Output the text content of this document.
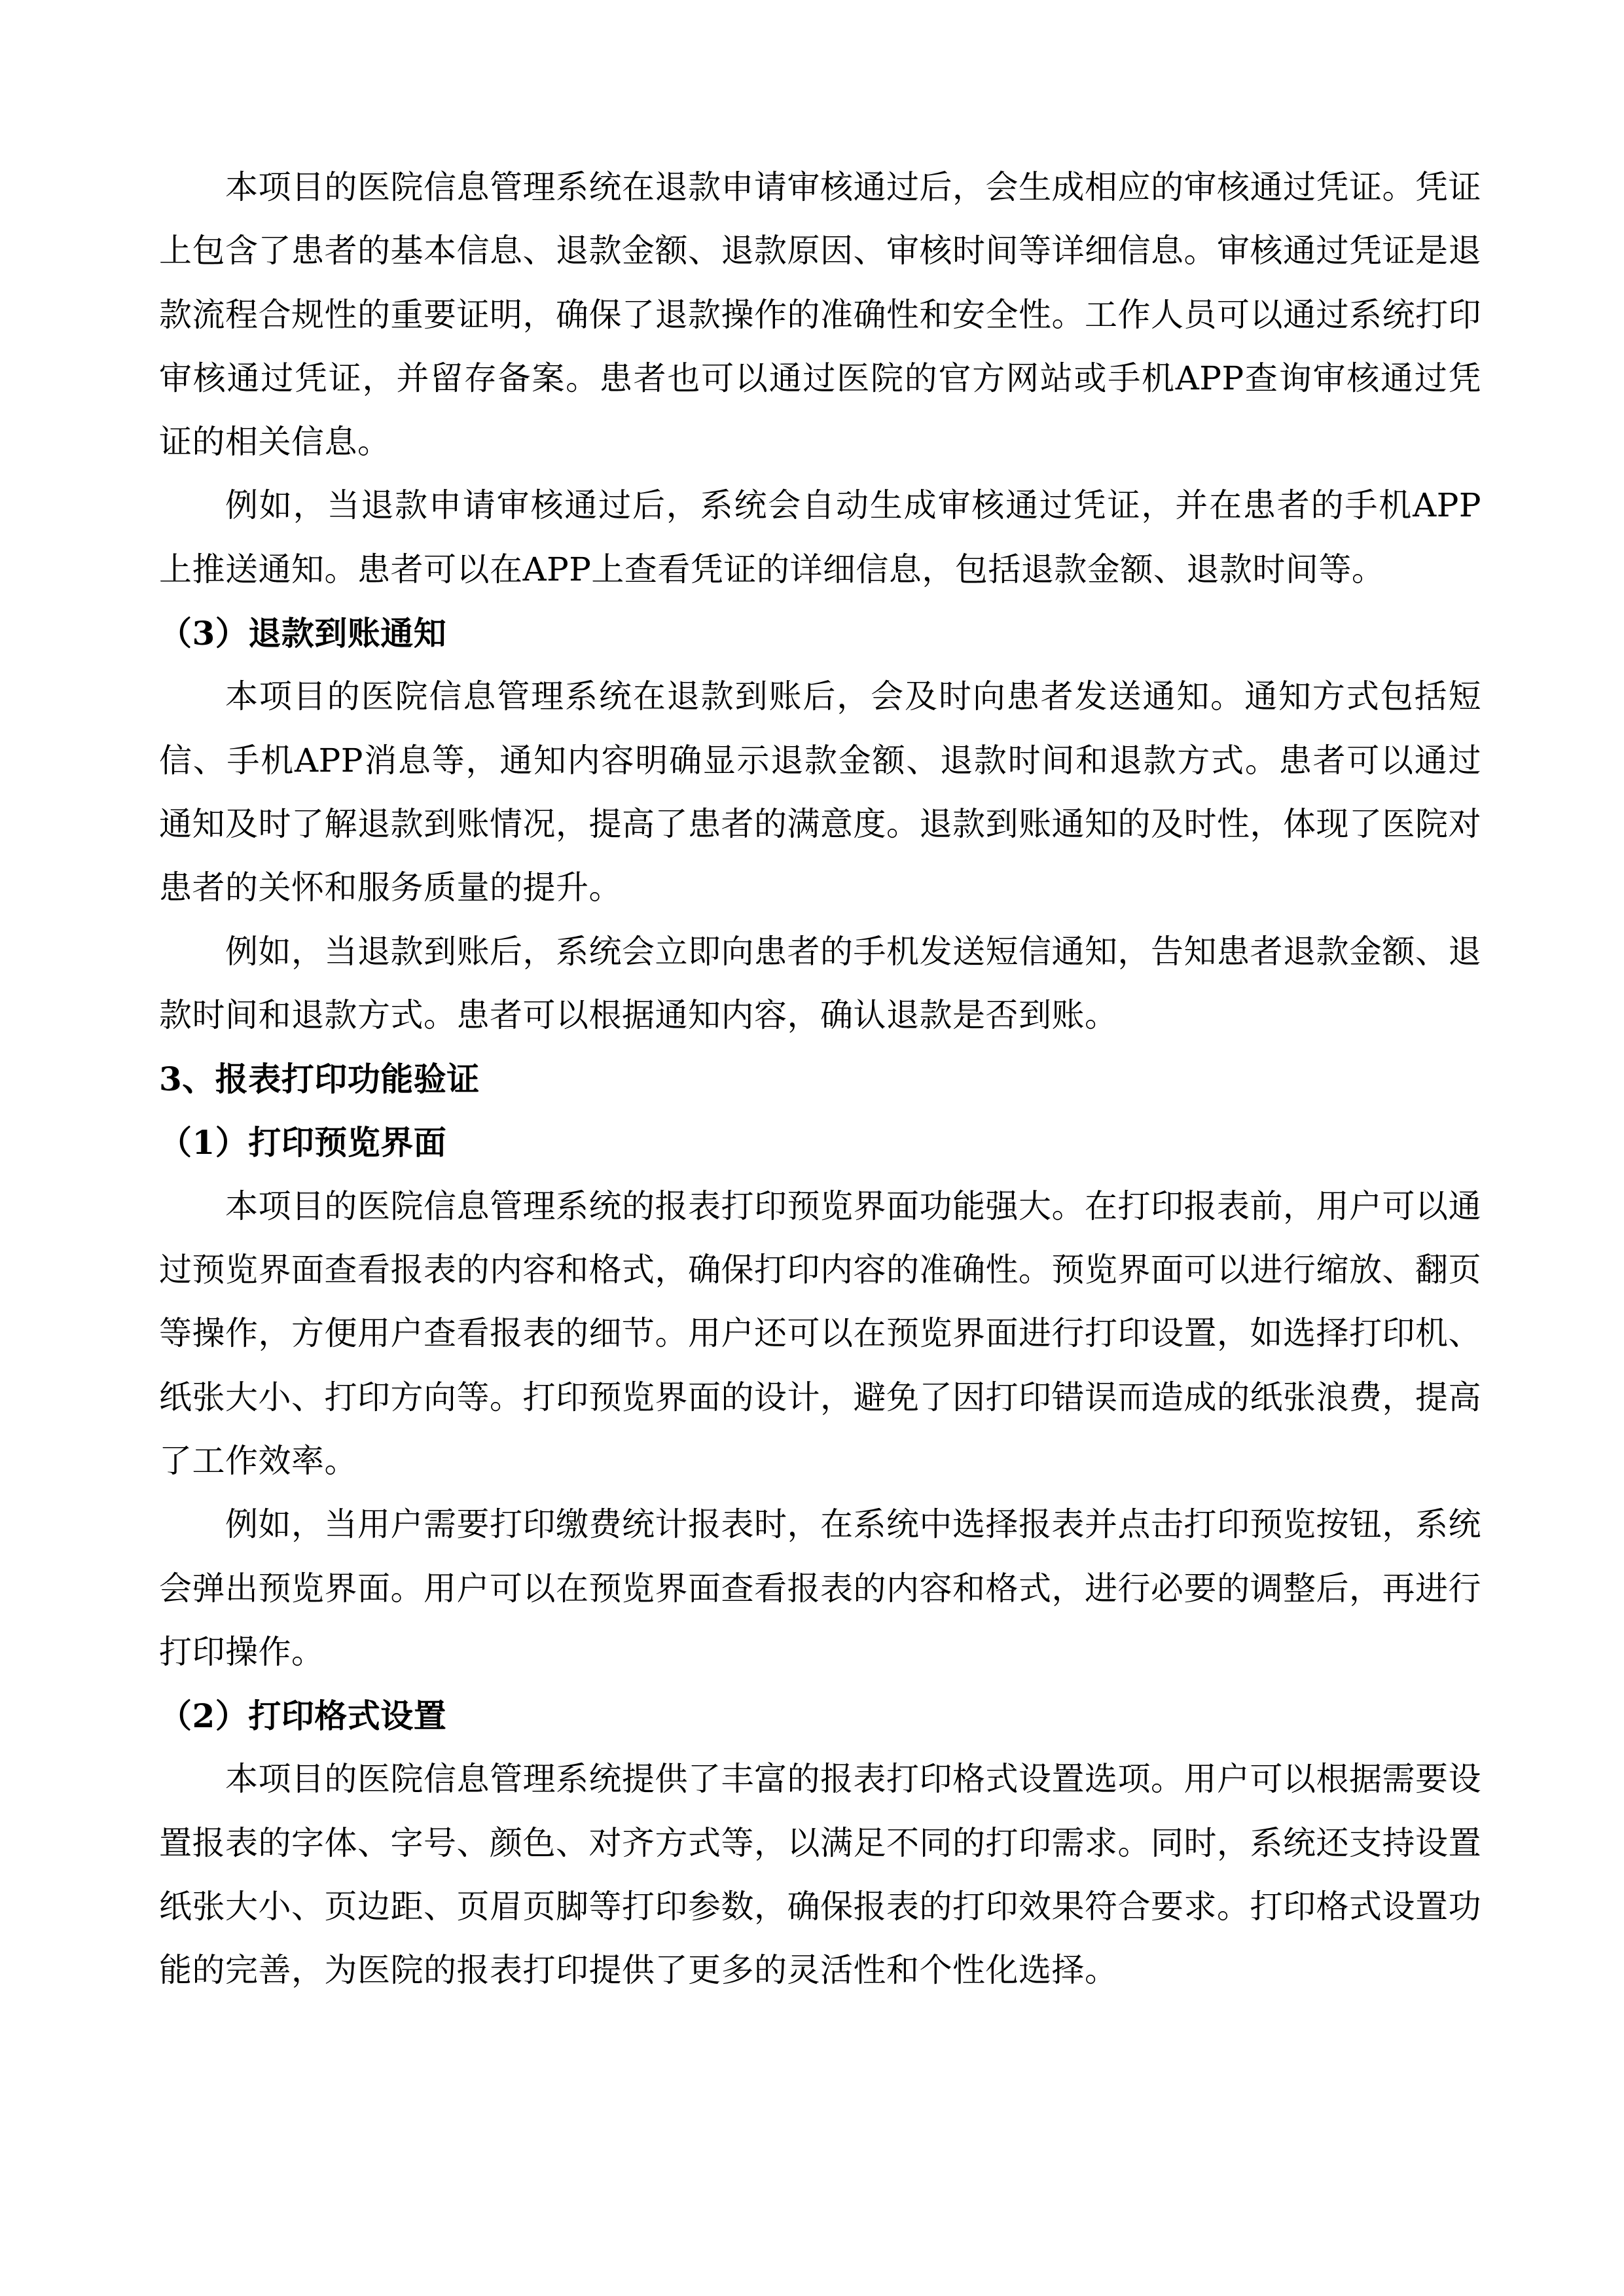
本项目的医院信息管理系统在退款申请审核通过后，会生成相应的审核通过凭证。凭证上包含了患者的基本信息、退款金额、退款原因、审核时间等详细信息。审核通过凭证是退款流程合规性的重要证明，确保了退款操作的准确性和安全性。工作人员可以通过系统打印审核通过凭证，并留存备案。患者也可以通过医院的官方网站或手机APP查询审核通过凭证的相关信息。

例如，当退款申请审核通过后，系统会自动生成审核通过凭证，并在患者的手机APP上推送通知。患者可以在APP上查看凭证的详细信息，包括退款金额、退款时间等。

（3）退款到账通知

本项目的医院信息管理系统在退款到账后，会及时向患者发送通知。通知方式包括短信、手机APP消息等，通知内容明确显示退款金额、退款时间和退款方式。患者可以通过通知及时了解退款到账情况，提高了患者的满意度。退款到账通知的及时性，体现了医院对患者的关怀和服务质量的提升。

例如，当退款到账后，系统会立即向患者的手机发送短信通知，告知患者退款金额、退款时间和退款方式。患者可以根据通知内容，确认退款是否到账。

3、报表打印功能验证
（1）打印预览界面

本项目的医院信息管理系统的报表打印预览界面功能强大。在打印报表前，用户可以通过预览界面查看报表的内容和格式，确保打印内容的准确性。预览界面可以进行缩放、翻页等操作，方便用户查看报表的细节。用户还可以在预览界面进行打印设置，如选择打印机、纸张大小、打印方向等。打印预览界面的设计，避免了因打印错误而造成的纸张浪费，提高了工作效率。

例如，当用户需要打印缴费统计报表时，在系统中选择报表并点击打印预览按钮，系统会弹出预览界面。用户可以在预览界面查看报表的内容和格式，进行必要的调整后，再进行打印操作。

（2）打印格式设置

本项目的医院信息管理系统提供了丰富的报表打印格式设置选项。用户可以根据需要设置报表的字体、字号、颜色、对齐方式等，以满足不同的打印需求。同时，系统还支持设置纸张大小、页边距、页眉页脚等打印参数，确保报表的打印效果符合要求。打印格式设置功能的完善，为医院的报表打印提供了更多的灵活性和个性化选择。
